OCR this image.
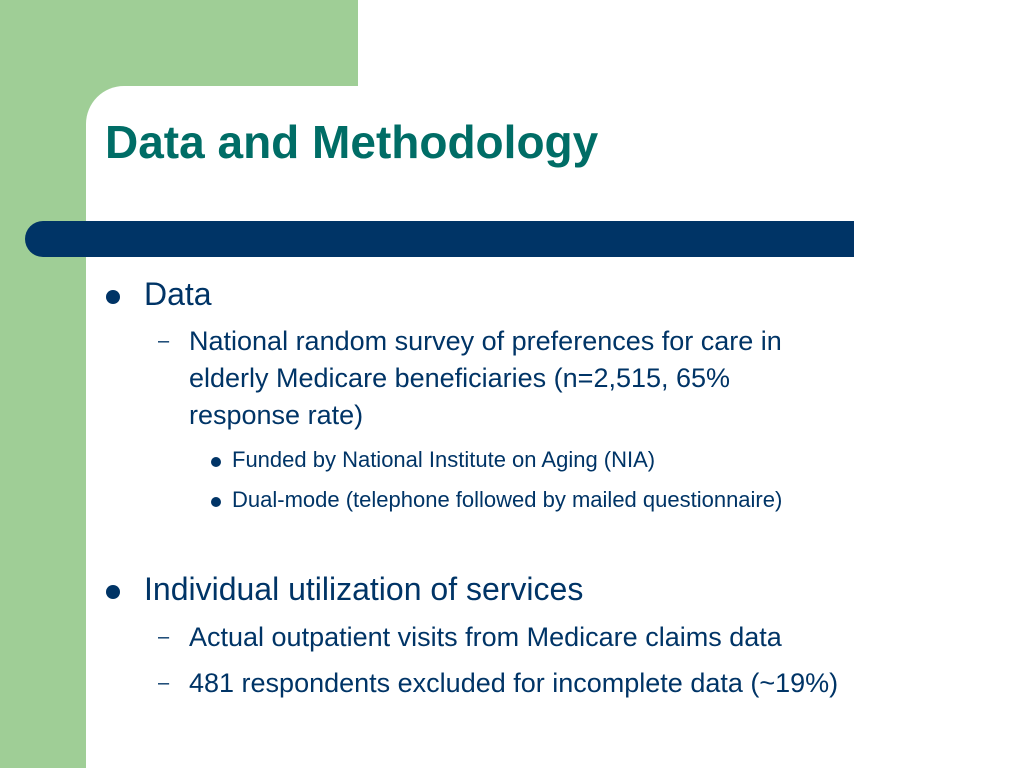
Data and Methodology
Data
– National random survey of preferences for care in
elderly Medicare beneficiaries (n=2,515, 65%
response rate)
Funded by National Institute on Aging (NIA)
Dual-mode (telephone followed by mailed questionnaire)
Individual utilization of services
– Actual outpatient visits from Medicare claims data
– 481 respondents excluded for incomplete data (~19%)
